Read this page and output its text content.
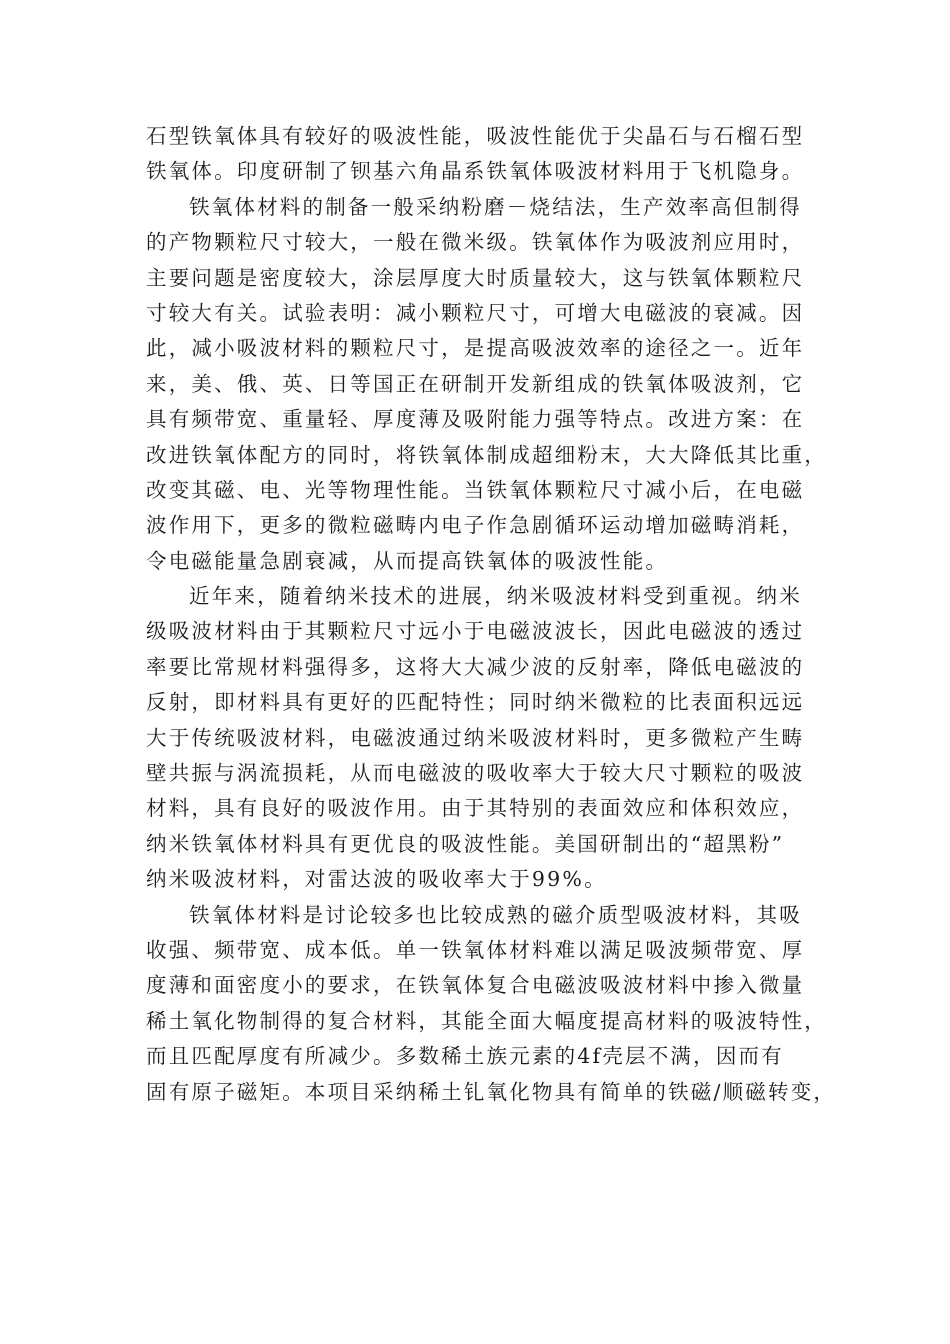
石型铁氧体具有较好的吸波性能，吸波性能优于尖晶石与石榴石型
铁氧体。印度研制了钡基六角晶系铁氧体吸波材料用于飞机隐身。
铁氧体材料的制备一般采纳粉磨－烧结法，生产效率高但制得
的产物颗粒尺寸较大，一般在微米级。铁氧体作为吸波剂应用时，
主要问题是密度较大，涂层厚度大时质量较大，这与铁氧体颗粒尺
寸较大有关。试验表明：减小颗粒尺寸，可增大电磁波的衰减。因
此，减小吸波材料的颗粒尺寸，是提高吸波效率的途径之一。近年
来，美、俄、英、日等国正在研制开发新组成的铁氧体吸波剂，它
具有频带宽、重量轻、厚度薄及吸附能力强等特点。改进方案：在
改进铁氧体配方的同时，将铁氧体制成超细粉末，大大降低其比重，
改变其磁、电、光等物理性能。当铁氧体颗粒尺寸减小后，在电磁
波作用下，更多的微粒磁畴内电子作急剧循环运动增加磁畴消耗，
令电磁能量急剧衰减，从而提高铁氧体的吸波性能。
近年来，随着纳米技术的进展，纳米吸波材料受到重视。纳米
级吸波材料由于其颗粒尺寸远小于电磁波波长，因此电磁波的透过
率要比常规材料强得多，这将大大减少波的反射率，降低电磁波的
反射，即材料具有更好的匹配特性；同时纳米微粒的比表面积远远
大于传统吸波材料，电磁波通过纳米吸波材料时，更多微粒产生畴
壁共振与涡流损耗，从而电磁波的吸收率大于较大尺寸颗粒的吸波
材料，具有良好的吸波作用。由于其特别的表面效应和体积效应，
纳米铁氧体材料具有更优良的吸波性能。美国研制出的“超黑粉”
纳米吸波材料，对雷达波的吸收率大于99%。
铁氧体材料是讨论较多也比较成熟的磁介质型吸波材料，其吸
收强、频带宽、成本低。单一铁氧体材料难以满足吸波频带宽、厚
度薄和面密度小的要求，在铁氧体复合电磁波吸波材料中掺入微量
稀土氧化物制得的复合材料，其能全面大幅度提高材料的吸波特性，
而且匹配厚度有所减少。多数稀土族元素的4f壳层不满，因而有
固有原子磁矩。本项目采纳稀土钆氧化物具有简单的铁磁/顺磁转变，
